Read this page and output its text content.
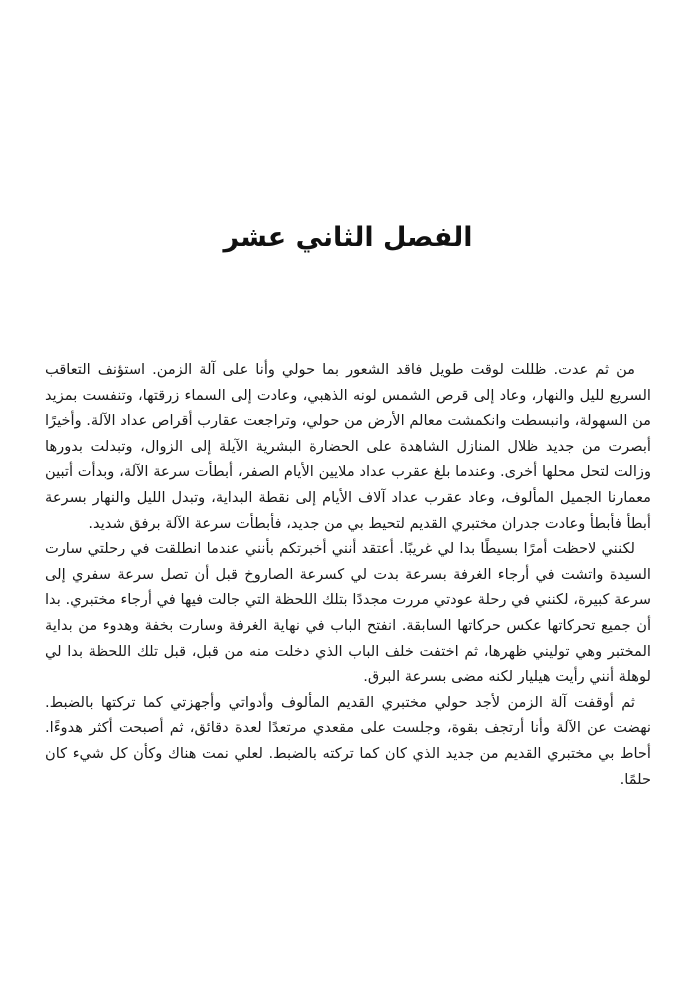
الفصل الثاني عشر

من ثم عدت. ظللت لوقت طويل فاقد الشعور بما حولي وأنا على آلة الزمن. استؤنف التعاقب السريع لليل والنهار، وعاد إلى قرص الشمس لونه الذهبي، وعادت إلى السماء زرقتها، وتنفست بمزيد من السهولة، وانبسطت وانكمشت معالم الأرض من حولي، وتراجعت عقارب أقراص عداد الآلة. وأخيرًا أبصرت من جديد ظلال المنازل الشاهدة على الحضارة البشرية الآيلة إلى الزوال، وتبدلت بدورها وزالت لتحل محلها أخرى. وعندما بلغ عقرب عداد ملايين الأيام الصفر، أبطأت سرعة الآلة، وبدأت أتبين معمارنا الجميل المألوف، وعاد عقرب عداد آلاف الأيام إلى نقطة البداية، وتبدل الليل والنهار بسرعة أبطأ فأبطأ وعادت جدران مختبري القديم لتحيط بي من جديد، فأبطأت سرعة الآلة برفق شديد.

لكنني لاحظت أمرًا بسيطًا بدا لي غريبًا. أعتقد أنني أخبرتكم بأنني عندما انطلقت في رحلتي سارت السيدة واتشت في أرجاء الغرفة بسرعة بدت لي كسرعة الصاروخ قبل أن تصل سرعة سفري إلى سرعة كبيرة، لكنني في رحلة عودتي مررت مجددًا بتلك اللحظة التي جالت فيها في أرجاء مختبري. بدا أن جميع تحركاتها عكس حركاتها السابقة. انفتح الباب في نهاية الغرفة وسارت بخفة وهدوء من بداية المختبر وهي توليني ظهرها، ثم اختفت خلف الباب الذي دخلت منه من قبل، قبل تلك اللحظة بدا لي لوهلة أنني رأيت هيليار لكنه مضى بسرعة البرق.

ثم أوقفت آلة الزمن لأجد حولي مختبري القديم المألوف وأدواتي وأجهزتي كما تركتها بالضبط. نهضت عن الآلة وأنا أرتجف بقوة، وجلست على مقعدي مرتعدًا لعدة دقائق، ثم أصبحت أكثر هدوءًا. أحاط بي مختبري القديم من جديد الذي كان كما تركته بالضبط. لعلي نمت هناك وكأن كل شيء كان حلمًا.
